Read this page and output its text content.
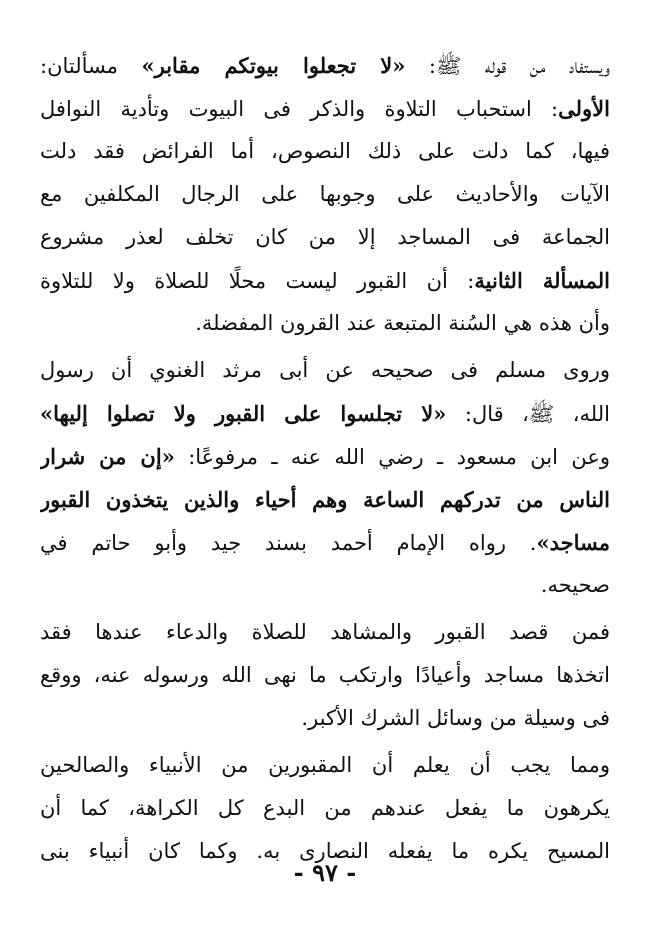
ويستفاد من قوله ﷺ: «لا تجعلوا بيوتكم مقابر» مسألتان:
الأولى: استحباب التلاوة والذكر فى البيوت وتأدية النوافل
فيها، كما دلت على ذلك النصوص، أما الفرائض فقد دلت
الآيات والأحاديث على وجوبها على الرجال المكلفين مع
الجماعة فى المساجد إلا من كان تخلف لعذر مشروع
المسألة الثانية: أن القبور ليست محلًا للصلاة ولا للتلاوة
وأن هذه هي السُنة المتبعة عند القرون المفضلة.
وروى مسلم فى صحيحه عن أبى مرثد الغنوي أن رسول
الله، ﷺ، قال: «لا تجلسوا على القبور ولا تصلوا إليها»
وعن ابن مسعود ـ رضي الله عنه ـ مرفوعًا: «إن من شرار
الناس من تدركهم الساعة وهم أحياء والذين يتخذون القبور
مساجد». رواه الإمام أحمد بسند جيد وأبو حاتم في
صحيحه.
فمن قصد القبور والمشاهد للصلاة والدعاء عندها فقد
اتخذها مساجد وأعيادًا وارتكب ما نهى الله ورسوله عنه، ووقع
فى وسيلة من وسائل الشرك الأكبر.
ومما يجب أن يعلم أن المقبورين من الأنبياء والصالحين
يكرهون ما يفعل عندهم من البدع كل الكراهة، كما أن
المسيح يكره ما يفعله النصارى به. وكما كان أنبياء بنى
- ٩٧ -
